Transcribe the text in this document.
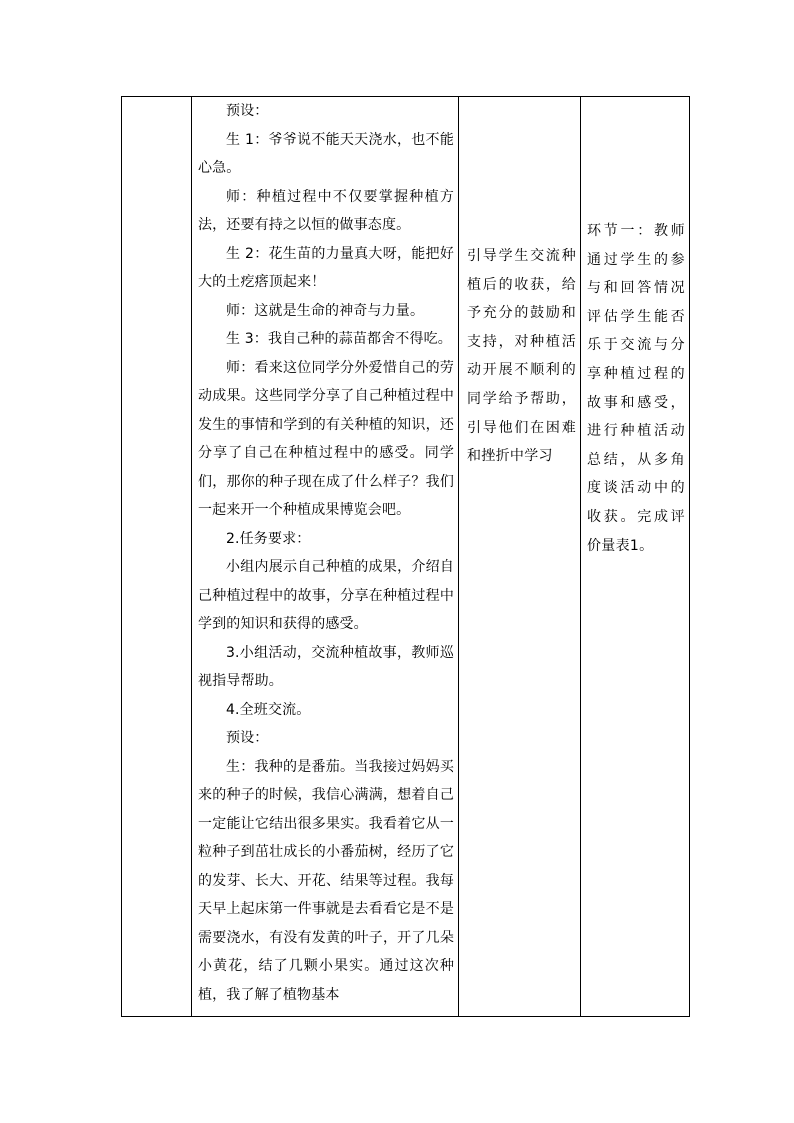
预设：

生 1：爷爷说不能天天浇水，也不能心急。

师：种植过程中不仅要掌握种植方法，还要有持之以恒的做事态度。

生 2：花生苗的力量真大呀，能把好大的土疙瘩顶起来！

师：这就是生命的神奇与力量。

生 3：我自己种的蒜苗都舍不得吃。

师：看来这位同学分外爱惜自己的劳动成果。这些同学分享了自己种植过程中发生的事情和学到的有关种植的知识，还分享了自己在种植过程中的感受。同学们，那你的种子现在成了什么样子？我们一起来开一个种植成果博览会吧。

2.任务要求：

小组内展示自己种植的成果，介绍自己种植过程中的故事，分享在种植过程中学到的知识和获得的感受。

3.小组活动，交流种植故事，教师巡视指导帮助。

4.全班交流。

预设：

生：我种的是番茄。当我接过妈妈买来的种子的时候，我信心满满，想着自己一定能让它结出很多果实。我看着它从一粒种子到茁壮成长的小番茄树，经历了它的发芽、长大、开花、结果等过程。我每天早上起床第一件事就是去看看它是不是需要浇水，有没有发黄的叶子，开了几朵小黄花，结了几颗小果实。通过这次种植，我了解了植物基本

引导学生交流种植后的收获，给予充分的鼓励和支持，对种植活动开展不顺利的同学给予帮助，引导他们在困难和挫折中学习

环节一：教师通过学生的参与和回答情况评估学生能否乐于交流与分享种植过程的故事和感受，进行种植活动总结，从多角度谈活动中的收获。完成评价量表1。
